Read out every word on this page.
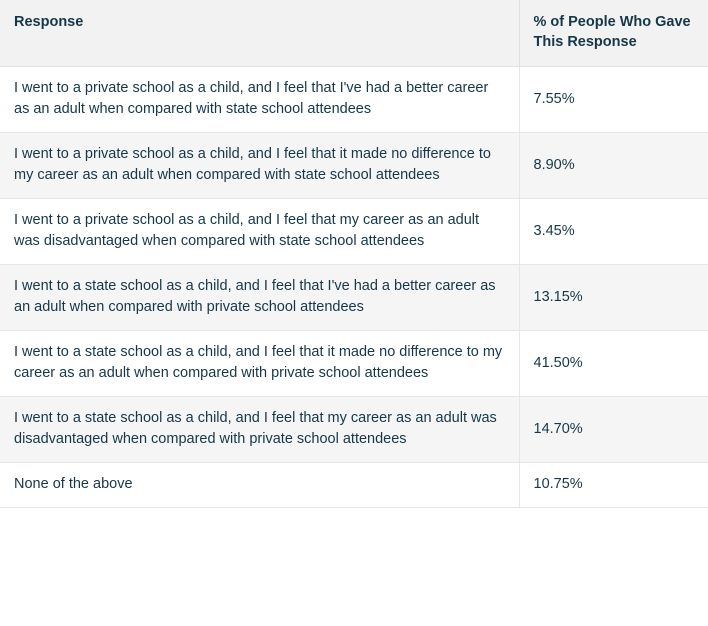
Response	% of People Who Gave This Response
I went to a private school as a child, and I feel that I've had a better career as an adult when compared with state school attendees	7.55%
I went to a private school as a child, and I feel that it made no difference to my career as an adult when compared with state school attendees	8.90%
I went to a private school as a child, and I feel that my career as an adult was disadvantaged when compared with state school attendees	3.45%
I went to a state school as a child, and I feel that I've had a better career as an adult when compared with private school attendees	13.15%
I went to a state school as a child, and I feel that it made no difference to my career as an adult when compared with private school attendees	41.50%
I went to a state school as a child, and I feel that my career as an adult was disadvantaged when compared with private school attendees	14.70%
None of the above	10.75%
